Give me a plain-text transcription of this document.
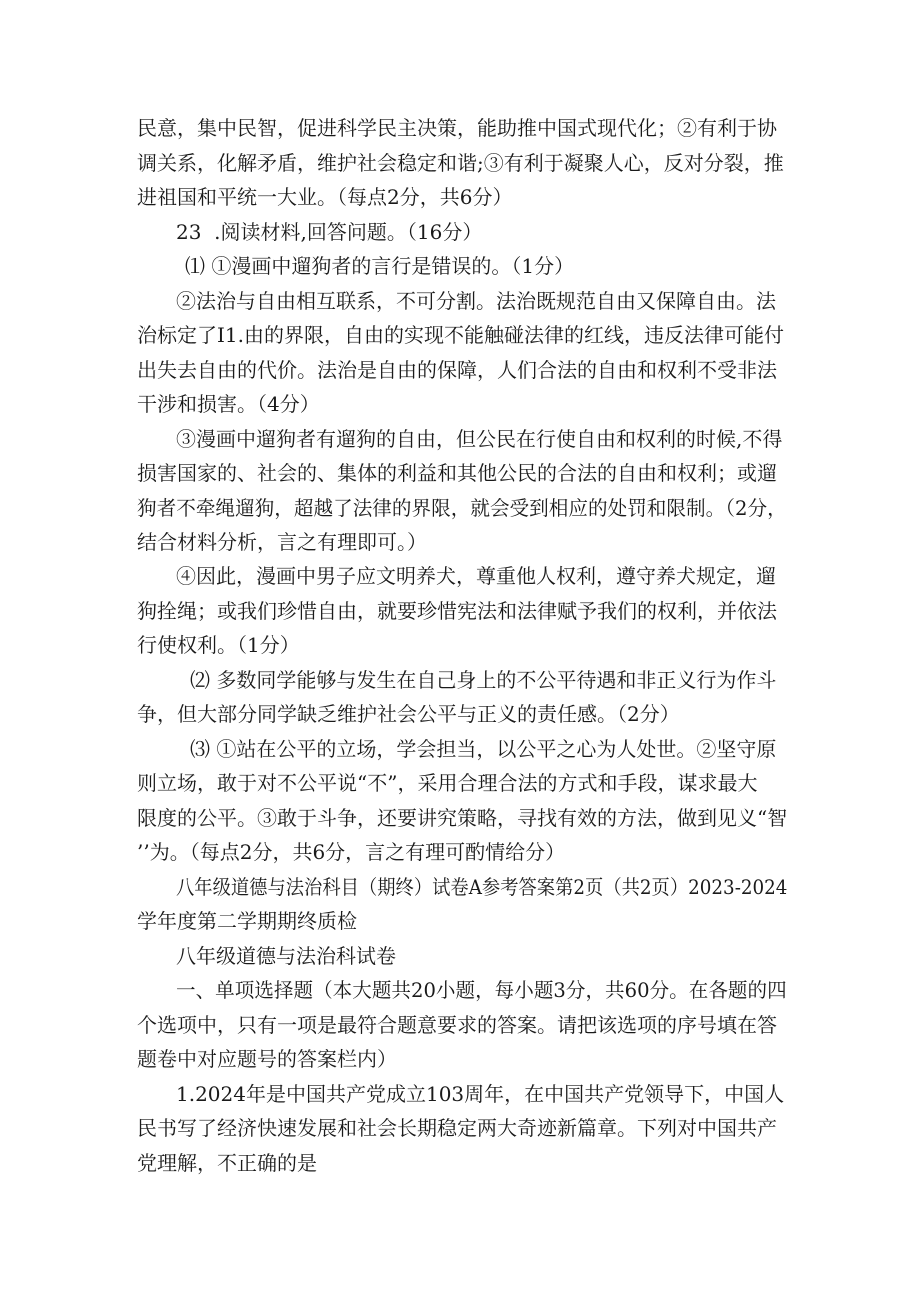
民意，集中民智，促进科学民主决策，能助推中国式现代化；②有利于协
调关系，化解矛盾，维护社会稳定和谐;③有利于凝聚人心，反对分裂，推
进祖国和平统一大业。（每点2分，共6分）
23  .阅读材料,回答问题。（16分）
⑴ ①漫画中遛狗者的言行是错误的。（1分）
②法治与自由相互联系，不可分割。法治既规范自由又保障自由。法
治标定了I1.由的界限，自由的实现不能触碰法律的红线，违反法律可能付
出失去自由的代价。法治是自由的保障，人们合法的自由和权利不受非法
干涉和损害。（4分）
③漫画中遛狗者有遛狗的自由，但公民在行使自由和权利的时候,不得
损害国家的、社会的、集体的利益和其他公民的合法的自由和权利；或遛
狗者不牵绳遛狗，超越了法律的界限，就会受到相应的处罚和限制。（2分，
结合材料分析，言之有理即可。）
④因此，漫画中男子应文明养犬，尊重他人权利，遵守养犬规定，遛
狗拴绳；或我们珍惜自由，就要珍惜宪法和法律赋予我们的权利，并依法
行使权利。（1分）
⑵ 多数同学能够与发生在自己身上的不公平待遇和非正义行为作斗
争，但大部分同学缺乏维护社会公平与正义的责任感。（2分）
⑶ ①站在公平的立场，学会担当，以公平之心为人处世。②坚守原
则立场，敢于对不公平说“不”，采用合理合法的方式和手段，谋求最大
限度的公平。③敢于斗争，还要讲究策略，寻找有效的方法，做到见义“智
’’为。（每点2分，共6分，言之有理可酌情给分）
八年级道德与法治科目（期终）试卷A参考答案第2页（共2页）2023-2024
学年度第二学期期终质检
八年级道德与法治科试卷
一、单项选择题（本大题共20小题，每小题3分，共60分。在各题的四
个选项中，只有一项是最符合题意要求的答案。请把该选项的序号填在答
题卷中对应题号的答案栏内）
1.2024年是中国共产党成立103周年，在中国共产党领导下，中国人
民书写了经济快速发展和社会长期稳定两大奇迹新篇章。下列对中国共产
党理解，不正确的是
